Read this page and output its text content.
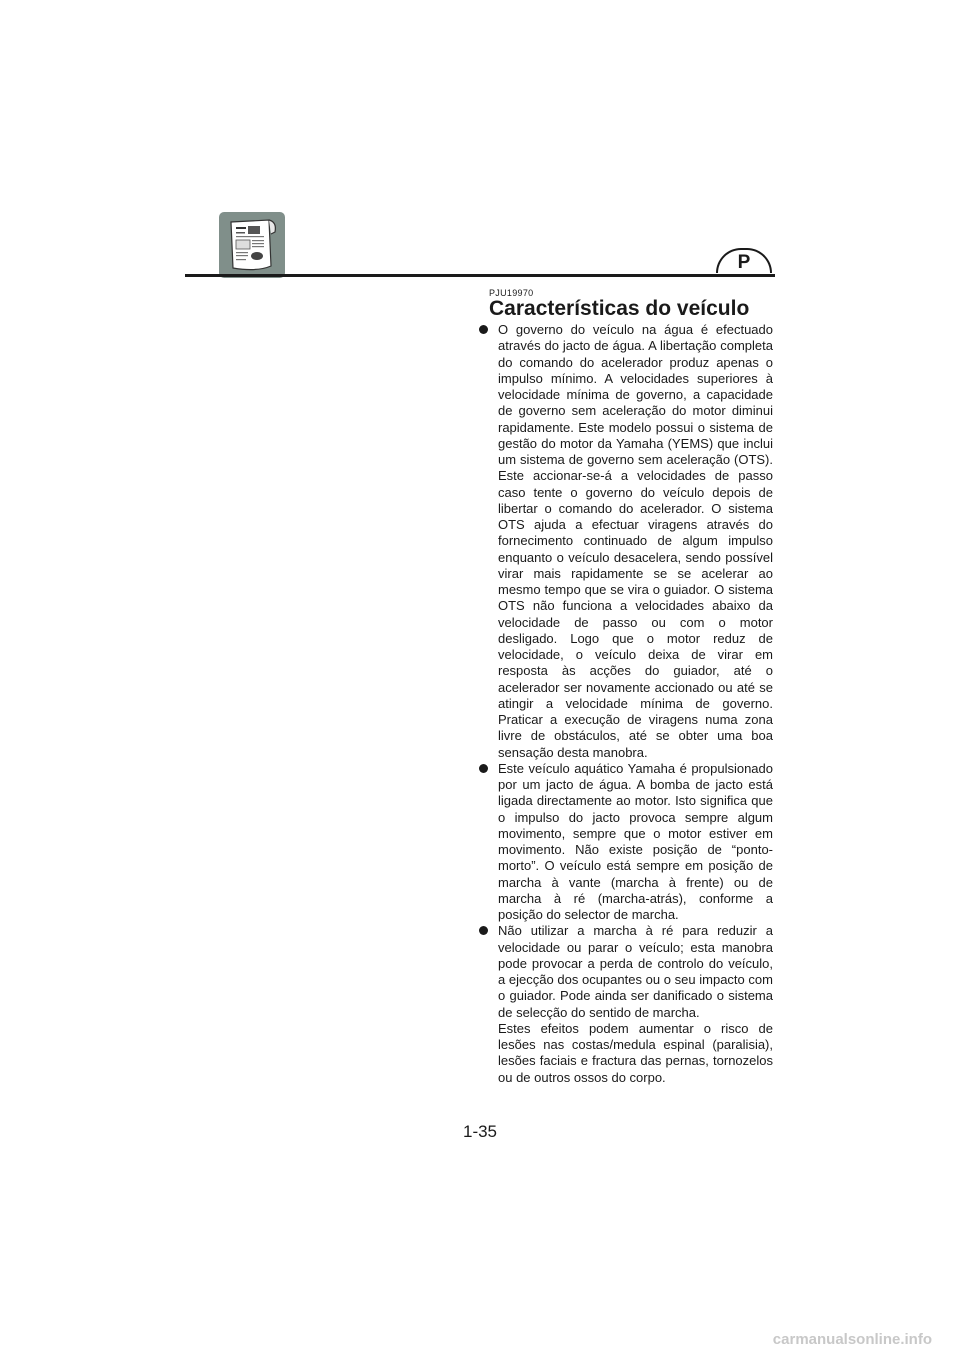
P
PJU19970
Características do veículo

O governo do veículo na água é efectuado através do jacto de água. A libertação completa do comando do acelerador produz apenas o impulso mínimo. A velocidades superiores à velocidade mínima de governo, a capacidade de governo sem aceleração do motor diminui rapidamente. Este modelo possui o sistema de gestão do motor da Yamaha (YEMS) que inclui um sistema de governo sem aceleração (OTS). Este accionar-se-á a velocidades de passo caso tente o governo do veículo depois de libertar o comando do acelerador. O sistema OTS ajuda a efectuar viragens através do fornecimento continuado de algum impulso enquanto o veículo desacelera, sendo possível virar mais rapidamente se se acelerar ao mesmo tempo que se vira o guiador. O sistema OTS não funciona a velocidades abaixo da velocidade de passo ou com o motor desligado. Logo que o motor reduz de velocidade, o veículo deixa de virar em resposta às acções do guiador, até o acelerador ser novamente accionado ou até se atingir a velocidade mínima de governo. Praticar a execução de viragens numa zona livre de obstáculos, até se obter uma boa sensação desta manobra.

Este veículo aquático Yamaha é propulsionado por um jacto de água. A bomba de jacto está ligada directamente ao motor. Isto significa que o impulso do jacto provoca sempre algum movimento, sempre que o motor estiver em movimento. Não existe posição de “ponto-morto”. O veículo está sempre em posição de marcha à vante (marcha à frente) ou de marcha à ré (marcha-atrás), conforme a posição do selector de marcha.

Não utilizar a marcha à ré para reduzir a velocidade ou parar o veículo; esta manobra pode provocar a perda de controlo do veículo, a ejecção dos ocupantes ou o seu impacto com o guiador. Pode ainda ser danificado o sistema de selecção do sentido de marcha.

Estes efeitos podem aumentar o risco de lesões nas costas/medula espinal (paralisia), lesões faciais e fractura das pernas, tornozelos ou de outros ossos do corpo.

1-35
carmanualsonline.info
